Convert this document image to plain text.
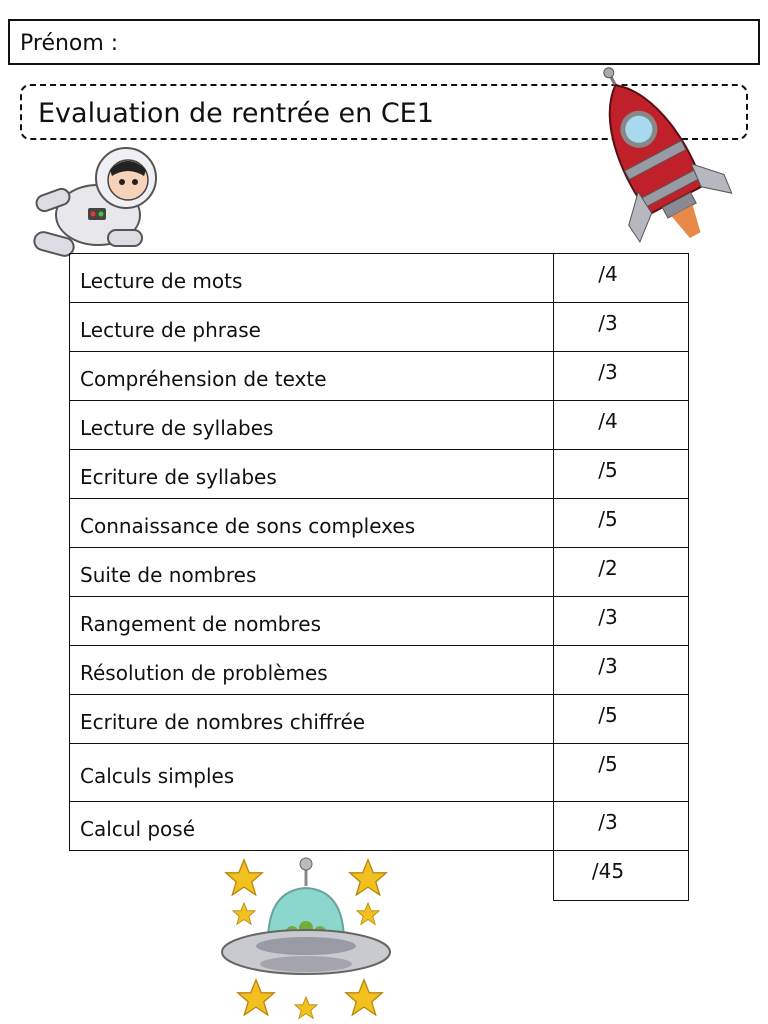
Prénom :
Evaluation de rentrée en CE1
Lecture de mots	/4
Lecture de phrase	/3
Compréhension de texte	/3
Lecture de syllabes	/4
Ecriture de syllabes	/5
Connaissance de sons complexes	/5
Suite de nombres	/2
Rangement de nombres	/3
Résolution de problèmes	/3
Ecriture de nombres chiffrée	/5
Calculs simples	/5
Calcul posé	/3
	/45
